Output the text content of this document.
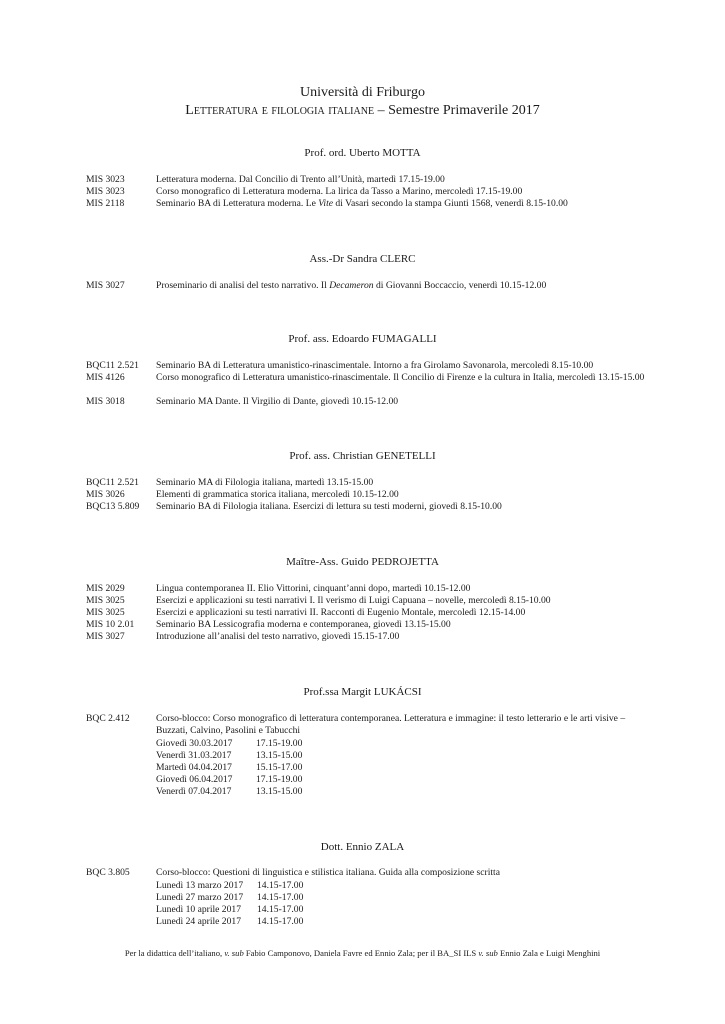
Università di Friburgo
Letteratura e filologia italiane – Semestre Primaverile 2017
Prof. ord. Uberto MOTTA
MIS 3023	Letteratura moderna. Dal Concilio di Trento all’Unità, martedì 17.15-19.00
MIS 3023	Corso monografico di Letteratura moderna. La lirica da Tasso a Marino, mercoledì 17.15-19.00
MIS 2118	Seminario BA di Letteratura moderna. Le Vite di Vasari secondo la stampa Giunti 1568, venerdì 8.15-10.00
Ass.-Dr Sandra CLERC
MIS 3027	Proseminario di analisi del testo narrativo. Il Decameron di Giovanni Boccaccio, venerdì 10.15-12.00
Prof. ass. Edoardo FUMAGALLI
BQC11 2.521	Seminario BA di Letteratura umanistico-rinascimentale. Intorno a fra Girolamo Savonarola, mercoledì 8.15-10.00
MIS 4126	Corso monografico di Letteratura umanistico-rinascimentale. Il Concilio di Firenze e la cultura in Italia, mercoledì 13.15-15.00
MIS 3018	Seminario MA Dante. Il Virgilio di Dante, giovedì 10.15-12.00
Prof. ass. Christian GENETELLI
BQC11 2.521	Seminario MA di Filologia italiana, martedì 13.15-15.00
MIS 3026	Elementi di grammatica storica italiana, mercoledì 10.15-12.00
BQC13 5.809	Seminario BA di Filologia italiana. Esercizi di lettura su testi moderni, giovedì 8.15-10.00
Maître-Ass. Guido PEDROJETTA
MIS 2029	Lingua contemporanea II. Elio Vittorini, cinquant’anni dopo, martedì 10.15-12.00
MIS 3025	Esercizi e applicazioni su testi narrativi I. Il verismo di Luigi Capuana – novelle, mercoledì 8.15-10.00
MIS 3025	Esercizi e applicazioni su testi narrativi II. Racconti di Eugenio Montale, mercoledì 12.15-14.00
MIS 10 2.01	Seminario BA Lessicografia moderna e contemporanea, giovedì 13.15-15.00
MIS 3027	Introduzione all’analisi del testo narrativo, giovedì 15.15-17.00
Prof.ssa Margit LUKÁCSI
BQC 2.412	Corso-blocco: Corso monografico di letteratura contemporanea. Letteratura e immagine: il testo letterario e le arti visive – Buzzati, Calvino, Pasolini e Tabucchi
Giovedì 30.03.2017 17.15-19.00
Venerdì 31.03.2017	13.15-15.00
Martedì 04.04.2017	15.15-17.00
Giovedì 06.04.2017 17.15-19.00
Venerdì 07.04.2017	13.15-15.00
Dott. Ennio ZALA
BQC 3.805	Corso-blocco: Questioni di linguistica e stilistica italiana. Guida alla composizione scritta
Lunedì 13 marzo 2017 14.15-17.00
Lunedì 27 marzo 2017 14.15-17.00
Lunedì 10 aprile 2017 14.15-17.00
Lunedì 24 aprile 2017 14.15-17.00
Per la didattica dell’italiano, v. sub Fabio Camponovo, Daniela Favre ed Ennio Zala; per il BA_SI ILS v. sub Ennio Zala e Luigi Menghini
